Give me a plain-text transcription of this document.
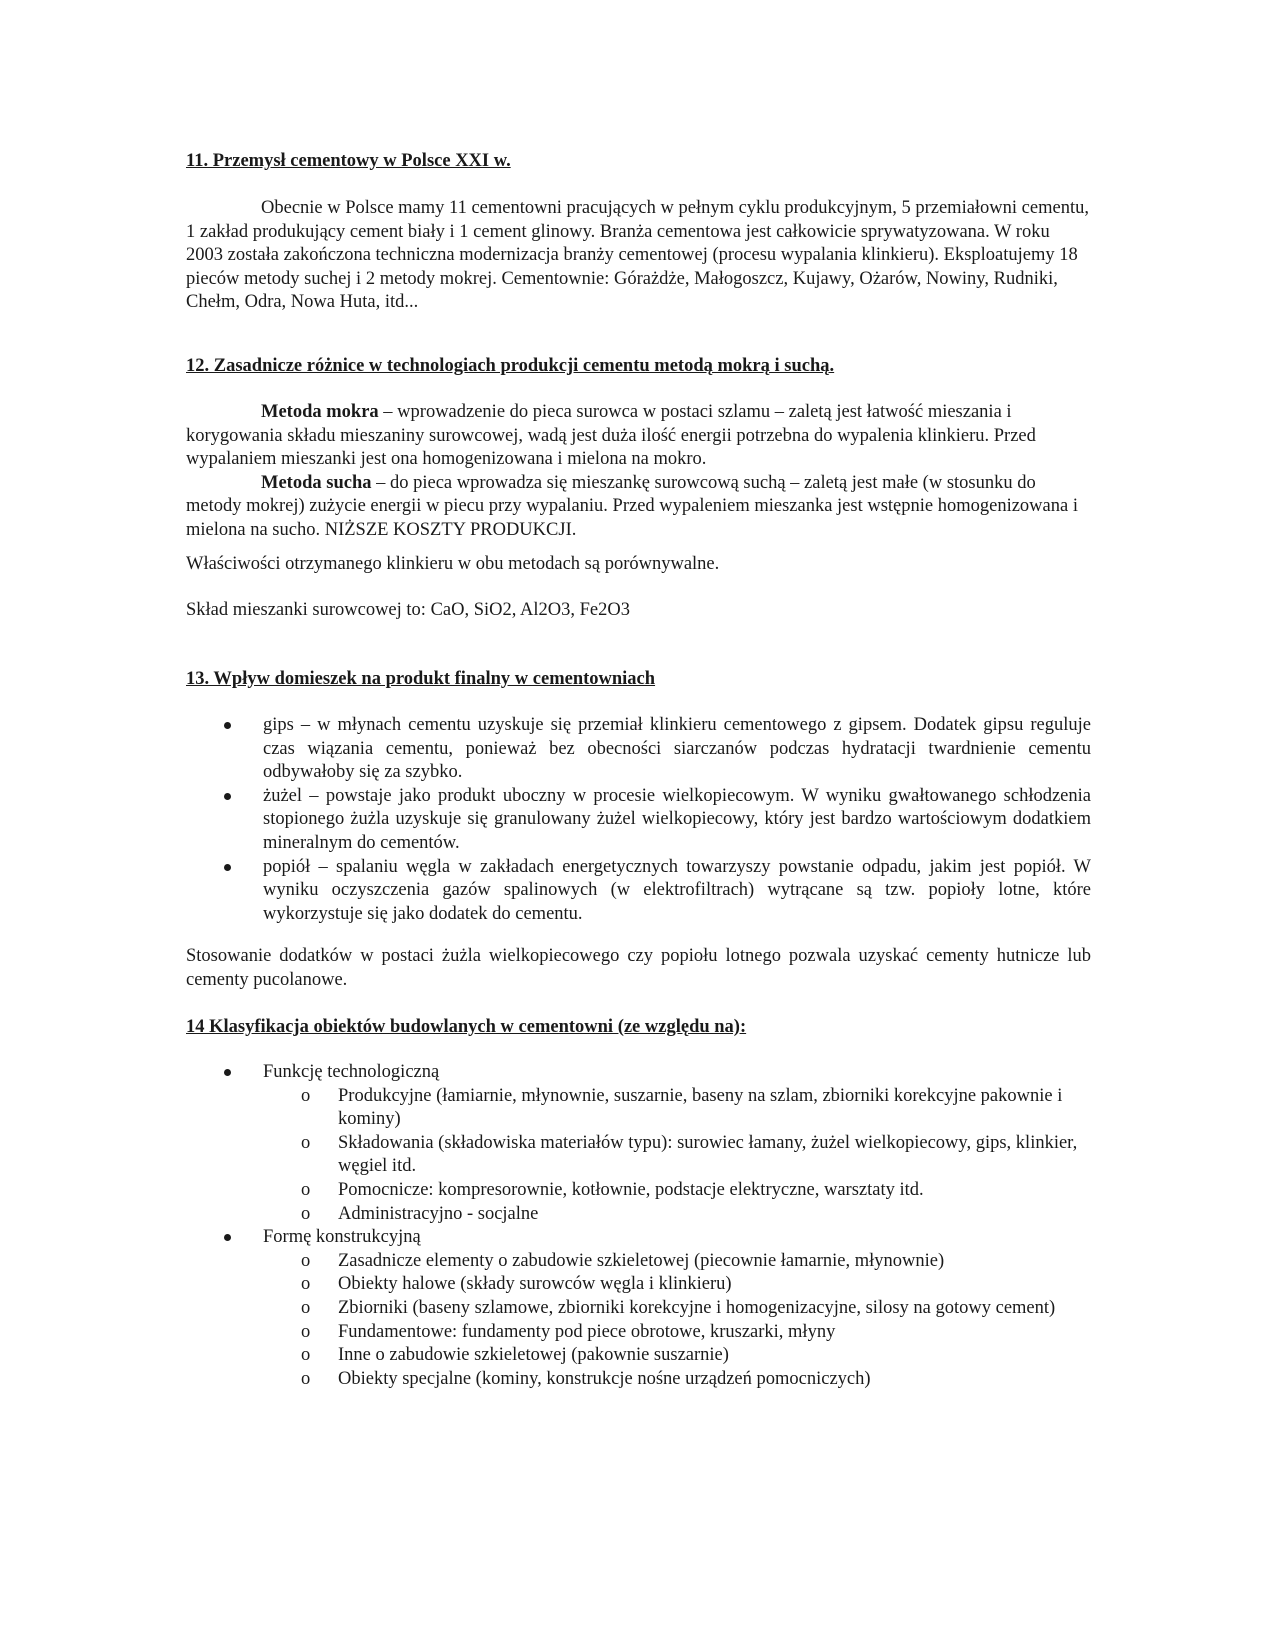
11. Przemysł cementowy w Polsce XXI w.

Obecnie w Polsce mamy 11 cementowni pracujących w pełnym cyklu produkcyjnym, 5 przemiałowni cementu, 1 zakład produkujący cement biały i 1 cement glinowy. Branża cementowa jest całkowicie sprywatyzowana. W roku 2003 została zakończona techniczna modernizacja branży cementowej (procesu wypalania klinkieru). Eksploatujemy 18 pieców metody suchej i 2 metody mokrej. Cementownie: Górażdże, Małogoszcz, Kujawy, Ożarów, Nowiny, Rudniki, Chełm, Odra, Nowa Huta, itd...

12. Zasadnicze różnice w technologiach produkcji cementu metodą mokrą i suchą.

Metoda mokra – wprowadzenie do pieca surowca w postaci szlamu – zaletą jest łatwość mieszania i korygowania składu mieszaniny surowcowej, wadą jest duża ilość energii potrzebna do wypalenia klinkieru. Przed wypalaniem mieszanki jest ona homogenizowana i mielona na mokro.

Metoda sucha – do pieca wprowadza się mieszankę surowcową suchą – zaletą jest małe (w stosunku do metody mokrej) zużycie energii w piecu przy wypalaniu. Przed wypaleniem mieszanka jest wstępnie homogenizowana i mielona na sucho. NIŻSZE KOSZTY PRODUKCJI.

Właściwości otrzymanego klinkieru w obu metodach są porównywalne.

Skład mieszanki surowcowej to: CaO, SiO2, Al2O3, Fe2O3

13. Wpływ domieszek na produkt finalny w cementowniach
gips – w młynach cementu uzyskuje się przemiał klinkieru cementowego z gipsem. Dodatek gipsu reguluje czas wiązania cementu, ponieważ bez obecności siarczanów podczas hydratacji twardnienie cementu odbywałoby się za szybko.
żużel – powstaje jako produkt uboczny w procesie wielkopiecowym. W wyniku gwałtowanego schłodzenia stopionego żużla uzyskuje się granulowany żużel wielkopiecowy, który jest bardzo wartościowym dodatkiem mineralnym do cementów.
popiół – spalaniu węgla w zakładach energetycznych towarzyszy powstanie odpadu, jakim jest popiół. W wyniku oczyszczenia gazów spalinowych (w elektrofiltrach) wytrącane są tzw. popioły lotne, które wykorzystuje się jako dodatek do cementu.

Stosowanie dodatków w postaci żużla wielkopiecowego czy popiołu lotnego pozwala uzyskać cementy hutnicze lub cementy pucolanowe.

14 Klasyfikacja obiektów budowlanych w cementowni (ze względu na):
Funkcję technologiczną
o Produkcyjne (łamiarnie, młynownie, suszarnie, baseny na szlam, zbiorniki korekcyjne pakownie i kominy)
o Składowania (składowiska materiałów typu): surowiec łamany, żużel wielkopiecowy, gips, klinkier, węgiel itd.
o Pomocnicze: kompresorownie, kotłownie, podstacje elektryczne, warsztaty itd.
o Administracyjno - socjalne
Formę konstrukcyjną
o Zasadnicze elementy o zabudowie szkieletowej (piecownie łamarnie, młynownie)
o Obiekty halowe (składy surowców węgla i klinkieru)
o Zbiorniki (baseny szlamowe, zbiorniki korekcyjne i homogenizacyjne, silosy na gotowy cement)
o Fundamentowe: fundamenty pod piece obrotowe, kruszarki, młyny
o Inne o zabudowie szkieletowej (pakownie suszarnie)
o Obiekty specjalne (kominy, konstrukcje nośne urządzeń pomocniczych)
